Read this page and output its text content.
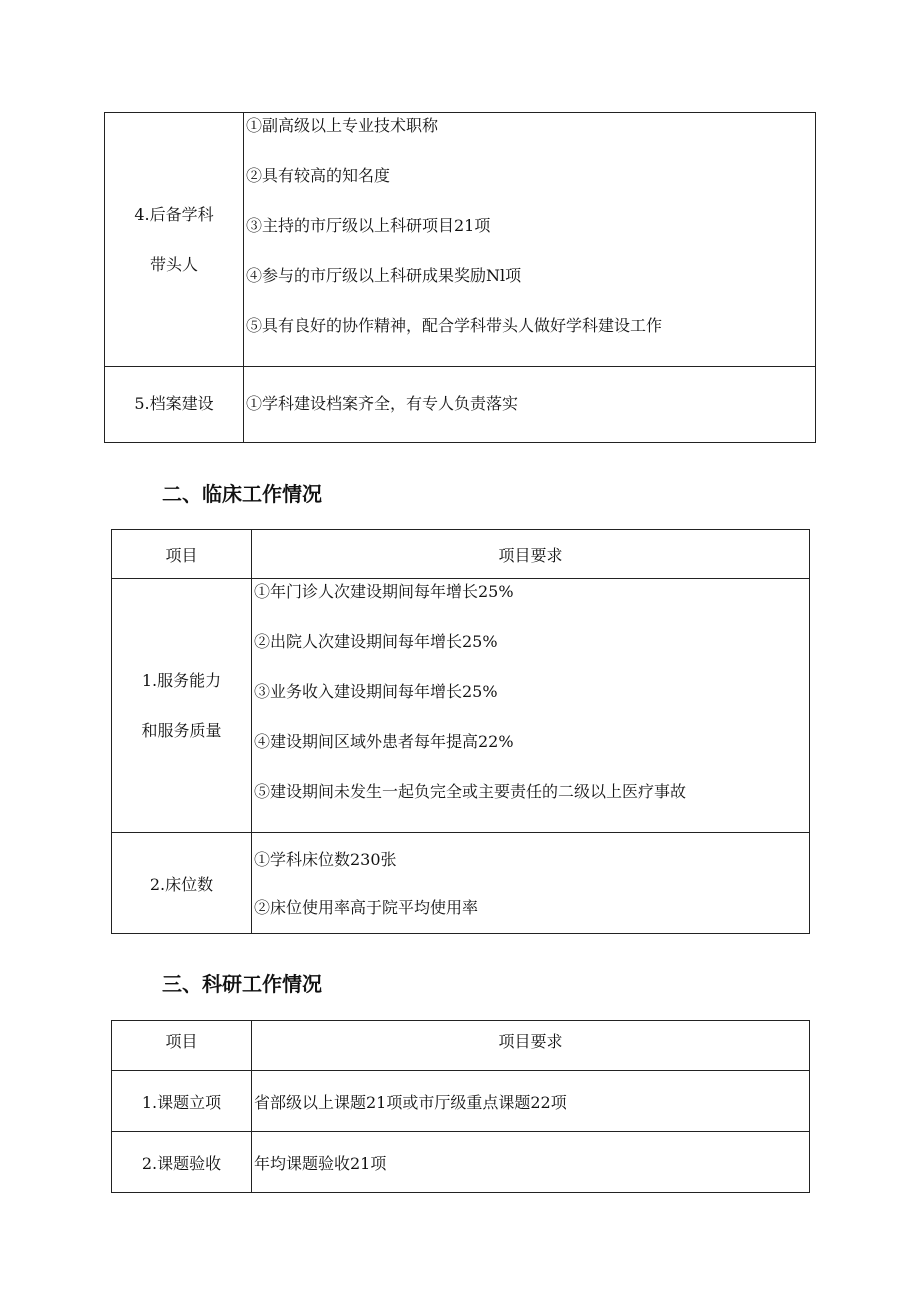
4.后备学科
带头人	①副高级以上专业技术职称
②具有较高的知名度
③主持的市厅级以上科研项目21项
④参与的市厅级以上科研成果奖励Nl项
⑤具有良好的协作精神，配合学科带头人做好学科建设工作

5.档案建设	①学科建设档案齐全，有专人负责落实
二、临床工作情况
项目	项目要求

1.服务能力
和服务质量	①年门诊人次建设期间每年增长25%
②出院人次建设期间每年增长25%
③业务收入建设期间每年增长25%
④建设期间区域外患者每年提高22%
⑤建设期间未发生一起负完全或主要责任的二级以上医疗事故

2.床位数	①学科床位数230张
②床位使用率高于院平均使用率
三、科研工作情况
项目	项目要求
1.课题立项	省部级以上课题21项或市厅级重点课题22项
2.课题验收	年均课题验收21项
